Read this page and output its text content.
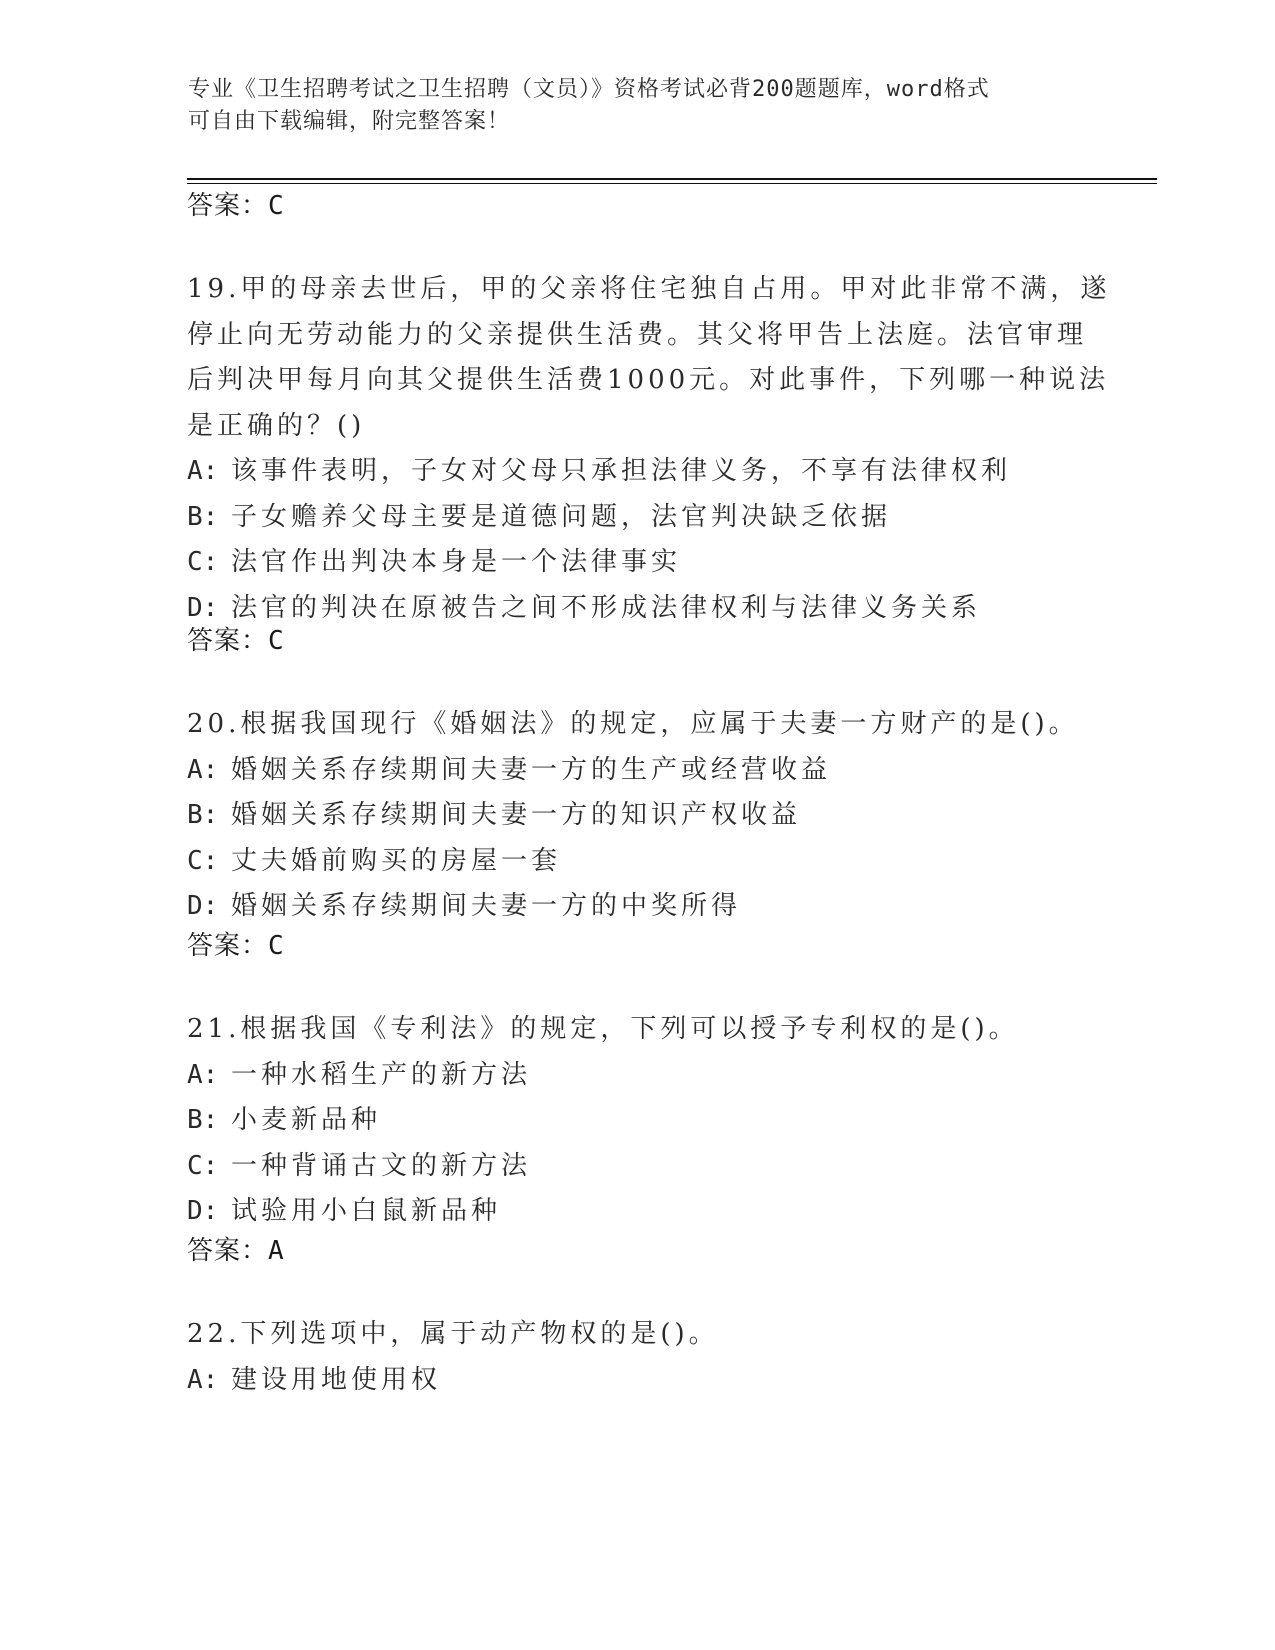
专业《卫生招聘考试之卫生招聘（文员）》资格考试必背200题题库，word格式
可自由下载编辑，附完整答案！
答案：C
19.甲的母亲去世后，甲的父亲将住宅独自占用。甲对此非常不满，遂
停止向无劳动能力的父亲提供生活费。其父将甲告上法庭。法官审理
后判决甲每月向其父提供生活费1000元。对此事件，下列哪一种说法
是正确的？()
A: 该事件表明，子女对父母只承担法律义务，不享有法律权利
B: 子女赡养父母主要是道德问题，法官判决缺乏依据
C: 法官作出判决本身是一个法律事实
D: 法官的判决在原被告之间不形成法律权利与法律义务关系
答案：C
20.根据我国现行《婚姻法》的规定，应属于夫妻一方财产的是()。
A: 婚姻关系存续期间夫妻一方的生产或经营收益
B: 婚姻关系存续期间夫妻一方的知识产权收益
C: 丈夫婚前购买的房屋一套
D: 婚姻关系存续期间夫妻一方的中奖所得
答案：C
21.根据我国《专利法》的规定，下列可以授予专利权的是()。
A: 一种水稻生产的新方法
B: 小麦新品种
C: 一种背诵古文的新方法
D: 试验用小白鼠新品种
答案：A
22.下列选项中，属于动产物权的是()。
A: 建设用地使用权
